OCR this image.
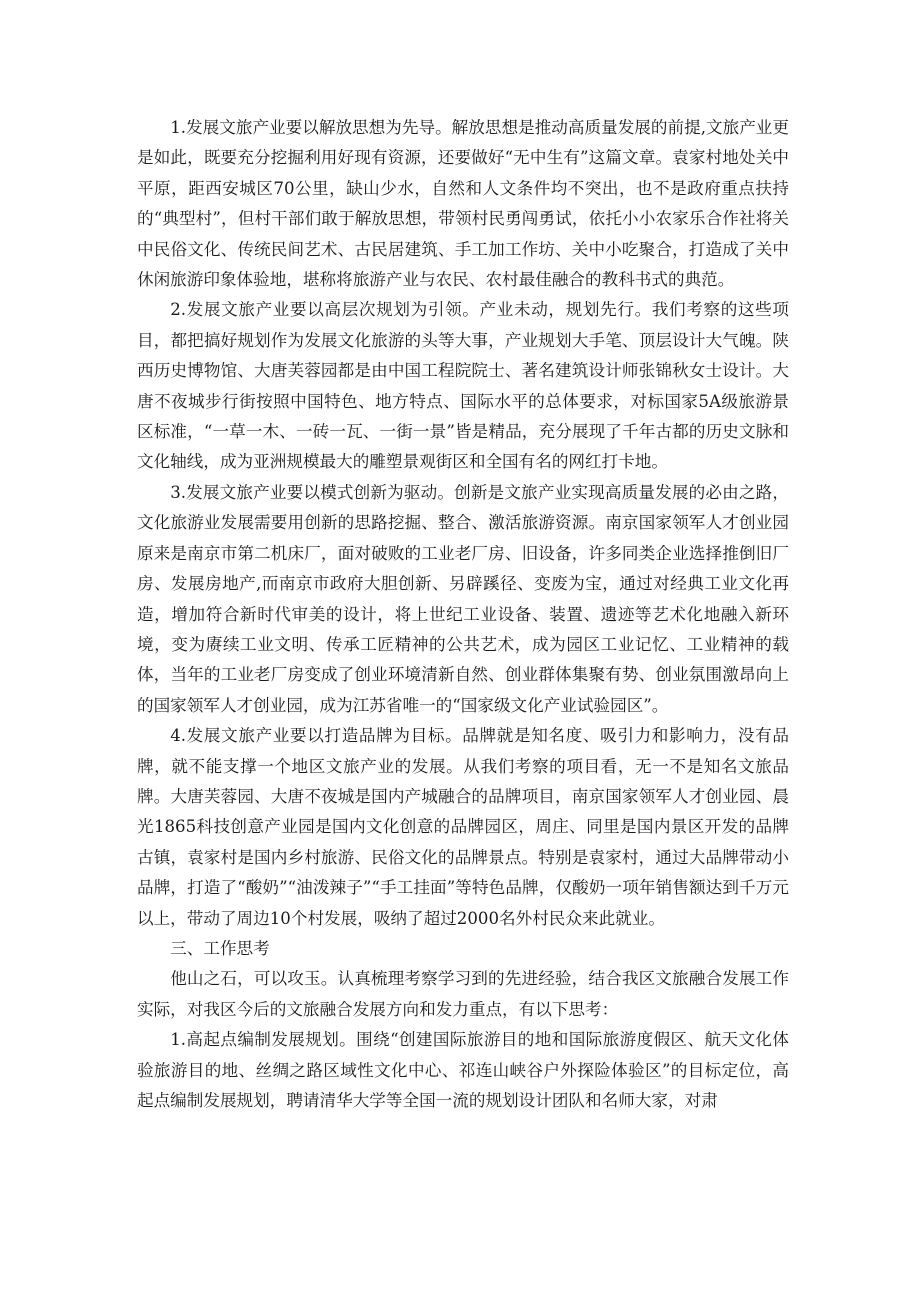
1.发展文旅产业要以解放思想为先导。解放思想是推动高质量发展的前提,文旅产业更是如此，既要充分挖掘利用好现有资源，还要做好“无中生有”这篇文章。袁家村地处关中平原，距西安城区70公里，缺山少水，自然和人文条件均不突出，也不是政府重点扶持的“典型村”，但村干部们敢于解放思想，带领村民勇闯勇试，依托小小农家乐合作社将关中民俗文化、传统民间艺术、古民居建筑、手工加工作坊、关中小吃聚合，打造成了关中休闲旅游印象体验地，堪称将旅游产业与农民、农村最佳融合的教科书式的典范。

2.发展文旅产业要以高层次规划为引领。产业未动，规划先行。我们考察的这些项目，都把搞好规划作为发展文化旅游的头等大事，产业规划大手笔、顶层设计大气魄。陕西历史博物馆、大唐芙蓉园都是由中国工程院院士、著名建筑设计师张锦秋女士设计。大唐不夜城步行街按照中国特色、地方特点、国际水平的总体要求，对标国家5A级旅游景区标准，“一草一木、一砖一瓦、一街一景”皆是精品，充分展现了千年古都的历史文脉和文化轴线，成为亚洲规模最大的雕塑景观街区和全国有名的网红打卡地。

3.发展文旅产业要以模式创新为驱动。创新是文旅产业实现高质量发展的必由之路，文化旅游业发展需要用创新的思路挖掘、整合、激活旅游资源。南京国家领军人才创业园原来是南京市第二机床厂，面对破败的工业老厂房、旧设备，许多同类企业选择推倒旧厂房、发展房地产,而南京市政府大胆创新、另辟蹊径、变废为宝，通过对经典工业文化再造，增加符合新时代审美的设计，将上世纪工业设备、装置、遗迹等艺术化地融入新环境，变为赓续工业文明、传承工匠精神的公共艺术，成为园区工业记忆、工业精神的载体，当年的工业老厂房变成了创业环境清新自然、创业群体集聚有势、创业氛围激昂向上的国家领军人才创业园，成为江苏省唯一的“国家级文化产业试验园区”。

4.发展文旅产业要以打造品牌为目标。品牌就是知名度、吸引力和影响力，没有品牌，就不能支撑一个地区文旅产业的发展。从我们考察的项目看，无一不是知名文旅品牌。大唐芙蓉园、大唐不夜城是国内产城融合的品牌项目，南京国家领军人才创业园、晨光1865科技创意产业园是国内文化创意的品牌园区，周庄、同里是国内景区开发的品牌古镇，袁家村是国内乡村旅游、民俗文化的品牌景点。特别是袁家村，通过大品牌带动小品牌，打造了“酸奶”“油泼辣子”“手工挂面”等特色品牌，仅酸奶一项年销售额达到千万元以上，带动了周边10个村发展，吸纳了超过2000名外村民众来此就业。

三、工作思考

他山之石，可以攻玉。认真梳理考察学习到的先进经验，结合我区文旅融合发展工作实际，对我区今后的文旅融合发展方向和发力重点，有以下思考：

1.高起点编制发展规划。围绕“创建国际旅游目的地和国际旅游度假区、航天文化体验旅游目的地、丝绸之路区域性文化中心、祁连山峡谷户外探险体验区”的目标定位，高起点编制发展规划，聘请清华大学等全国一流的规划设计团队和名师大家，对肃
